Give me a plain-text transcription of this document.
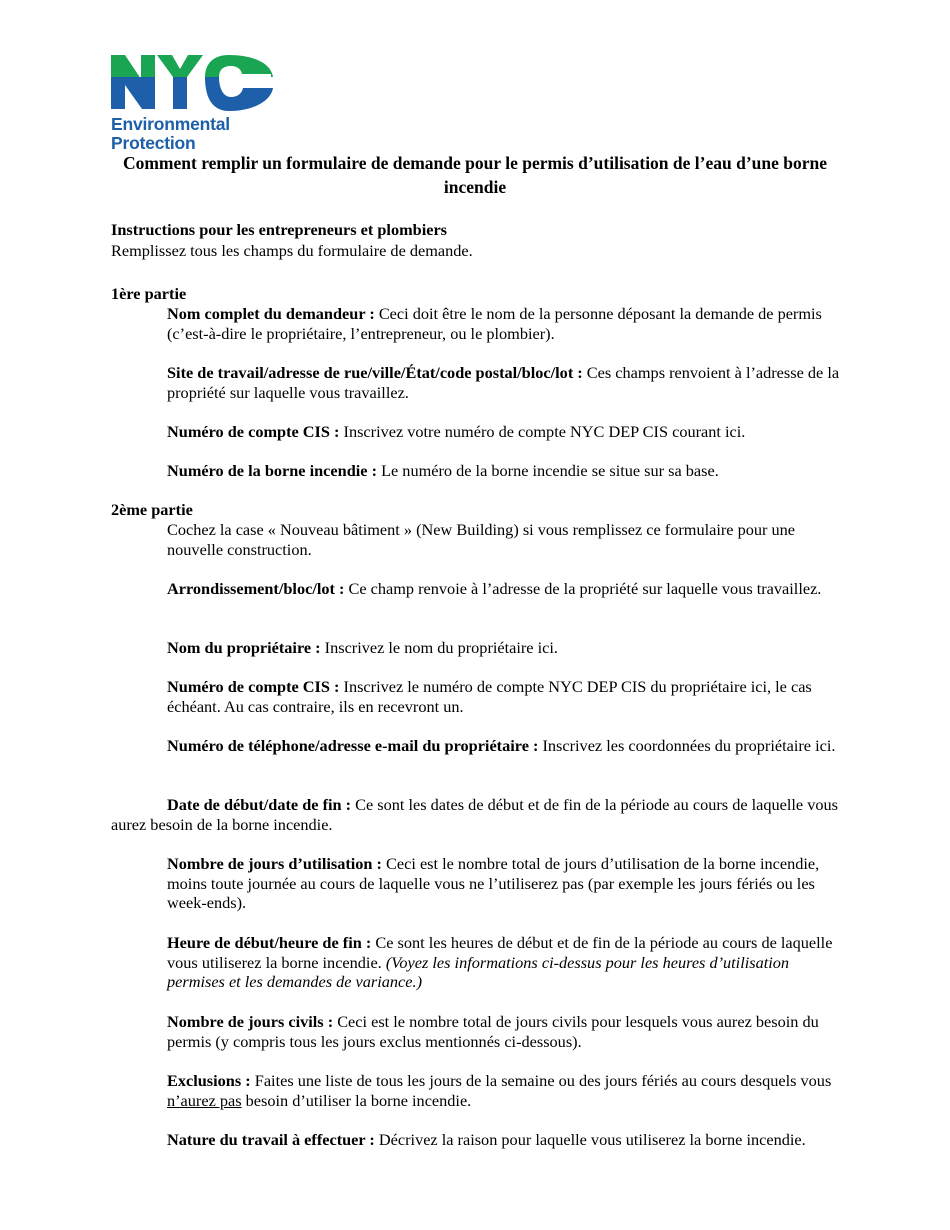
Environmental
Protection
Comment remplir un formulaire de demande pour le permis d’utilisation de l’eau d’une borne incendie
Instructions pour les entrepreneurs et plombiers
Remplissez tous les champs du formulaire de demande.
1ère partie
Nom complet du demandeur : Ceci doit être le nom de la personne déposant la demande de permis (c’est-à-dire le propriétaire, l’entrepreneur, ou le plombier).
Site de travail/adresse de rue/ville/État/code postal/bloc/lot : Ces champs renvoient à l’adresse de la propriété sur laquelle vous travaillez.
Numéro de compte CIS : Inscrivez votre numéro de compte NYC DEP CIS courant ici.
Numéro de la borne incendie : Le numéro de la borne incendie se situe sur sa base.
2ème partie
Cochez la case « Nouveau bâtiment » (New Building) si vous remplissez ce formulaire pour une nouvelle construction.
Arrondissement/bloc/lot : Ce champ renvoie à l’adresse de la propriété sur laquelle vous travaillez.
Nom du propriétaire : Inscrivez le nom du propriétaire ici.
Numéro de compte CIS : Inscrivez le numéro de compte NYC DEP CIS du propriétaire ici, le cas échéant. Au cas contraire, ils en recevront un.
Numéro de téléphone/adresse e-mail du propriétaire : Inscrivez les coordonnées du propriétaire ici.
Date de début/date de fin : Ce sont les dates de début et de fin de la période au cours de laquelle vous aurez besoin de la borne incendie.
Nombre de jours d’utilisation : Ceci est le nombre total de jours d’utilisation de la borne incendie, moins toute journée au cours de laquelle vous ne l’utiliserez pas (par exemple les jours fériés ou les week-ends).
Heure de début/heure de fin : Ce sont les heures de début et de fin de la période au cours de laquelle vous utiliserez la borne incendie. (Voyez les informations ci-dessus pour les heures d’utilisation permises et les demandes de variance.)
Nombre de jours civils : Ceci est le nombre total de jours civils pour lesquels vous aurez besoin du permis (y compris tous les jours exclus mentionnés ci-dessous).
Exclusions : Faites une liste de tous les jours de la semaine ou des jours fériés au cours desquels vous n’aurez pas besoin d’utiliser la borne incendie.
Nature du travail à effectuer : Décrivez la raison pour laquelle vous utiliserez la borne incendie.
